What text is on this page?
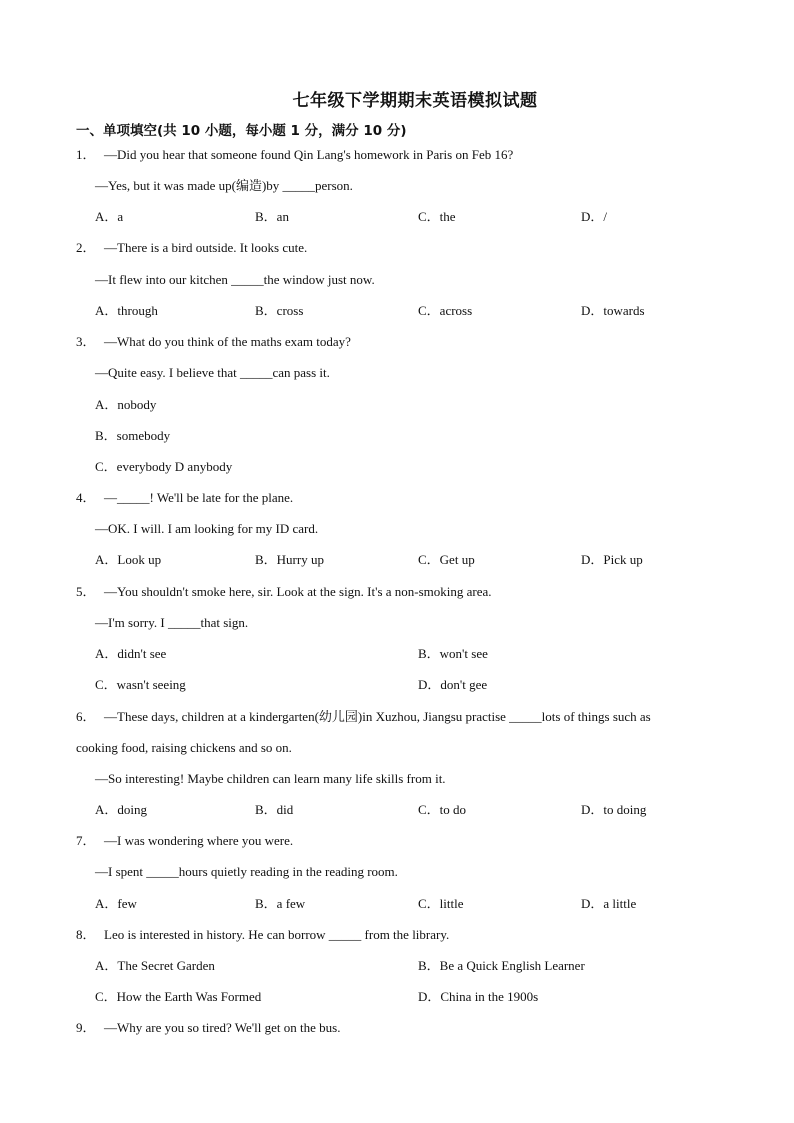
七年级下学期期末英语模拟试题
一、单项填空(共 10 小题，每小题 1 分，满分 10 分)
1． —Did you hear that someone found Qin Lang's homework in Paris on Feb 16?
—Yes, but it was made up(编造)by _____person.
A．a	B．an	C．the	D．/
2． —There is a bird outside. It looks cute.
—It flew into our kitchen _____the window just now.
A．through	B．cross	C．across	D．towards
3． —What do you think of the maths exam today?
—Quite easy. I believe that _____can pass it.
A．nobody
B．somebody
C．everybody D anybody
4． —_____! We'll be late for the plane.
—OK. I will. I am looking for my ID card.
A．Look up	B．Hurry up	C．Get up	D．Pick up
5． —You shouldn't smoke here, sir. Look at the sign. It's a non-smoking area.
—I'm sorry. I _____that sign.
A．didn't see	B．won't see
C．wasn't seeing	D．don't gee
6． —These days, children at a kindergarten(幼儿园)in Xuzhou, Jiangsu practise _____lots of things such as
cooking food, raising chickens and so on.
—So interesting! Maybe children can learn many life skills from it.
A．doing	B．did	C．to do	D．to doing
7． —I was wondering where you were.
—I spent _____hours quietly reading in the reading room.
A．few	B．a few	C．little	D．a little
8． Leo is interested in history. He can borrow _____ from the library.
A．The Secret Garden	B．Be a Quick English Learner
C．How the Earth Was Formed	D．China in the 1900s
9． —Why are you so tired? We'll get on the bus.
